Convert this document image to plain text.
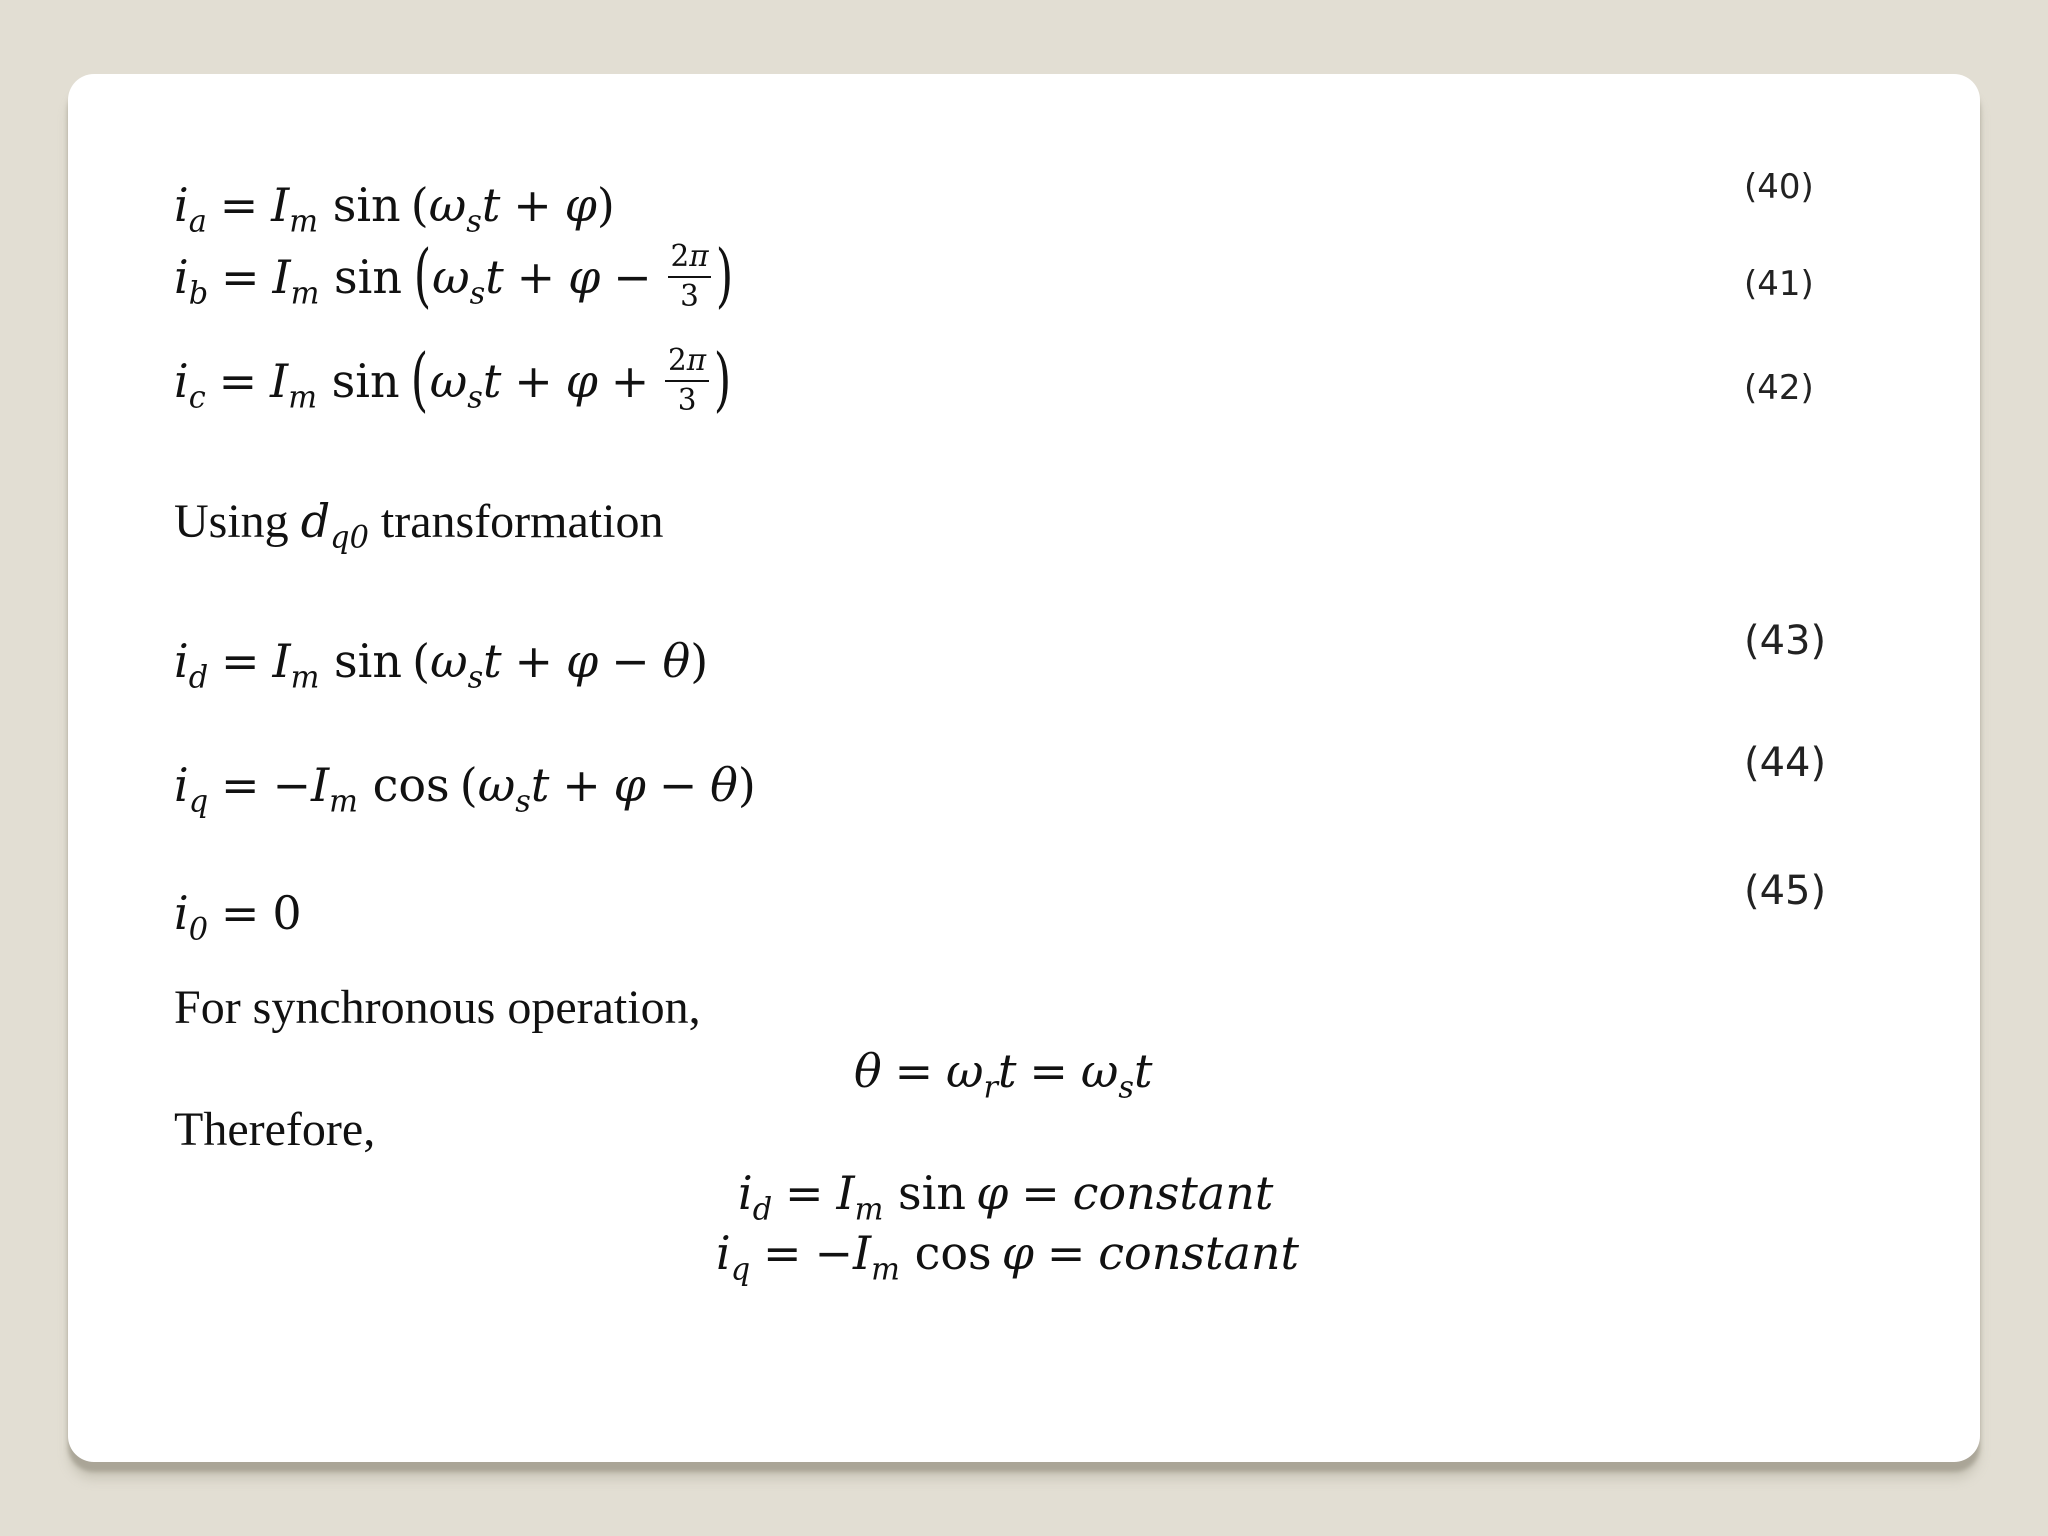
$i_a = I_m$
sin ( $\omega_st + \varphi$ )	(40)
$i_b = I_m$
sin ( $\omega_st + \varphi - \frac{2\pi}{3}$ )	(41)
$i_c = I_m$
sin ( $\omega_st + \varphi + \frac{2\pi}{3}$ )	(42)
Using $d_{q0}$ transformation
$i_d = I_m$
sin ( $\omega_st + \varphi - \theta$ )	(43)
$i_q$ = − $I_m$
cos ( $\omega_st + \varphi - \theta$ )	(44)
$i_0 = 0$	(45)
For synchronous operation,
$\theta = \omega_rt = \omega_st$
Therefore,
$i_d = I_m$ sin φ = constant
$i_q = -I_m$ cos φ = constant
